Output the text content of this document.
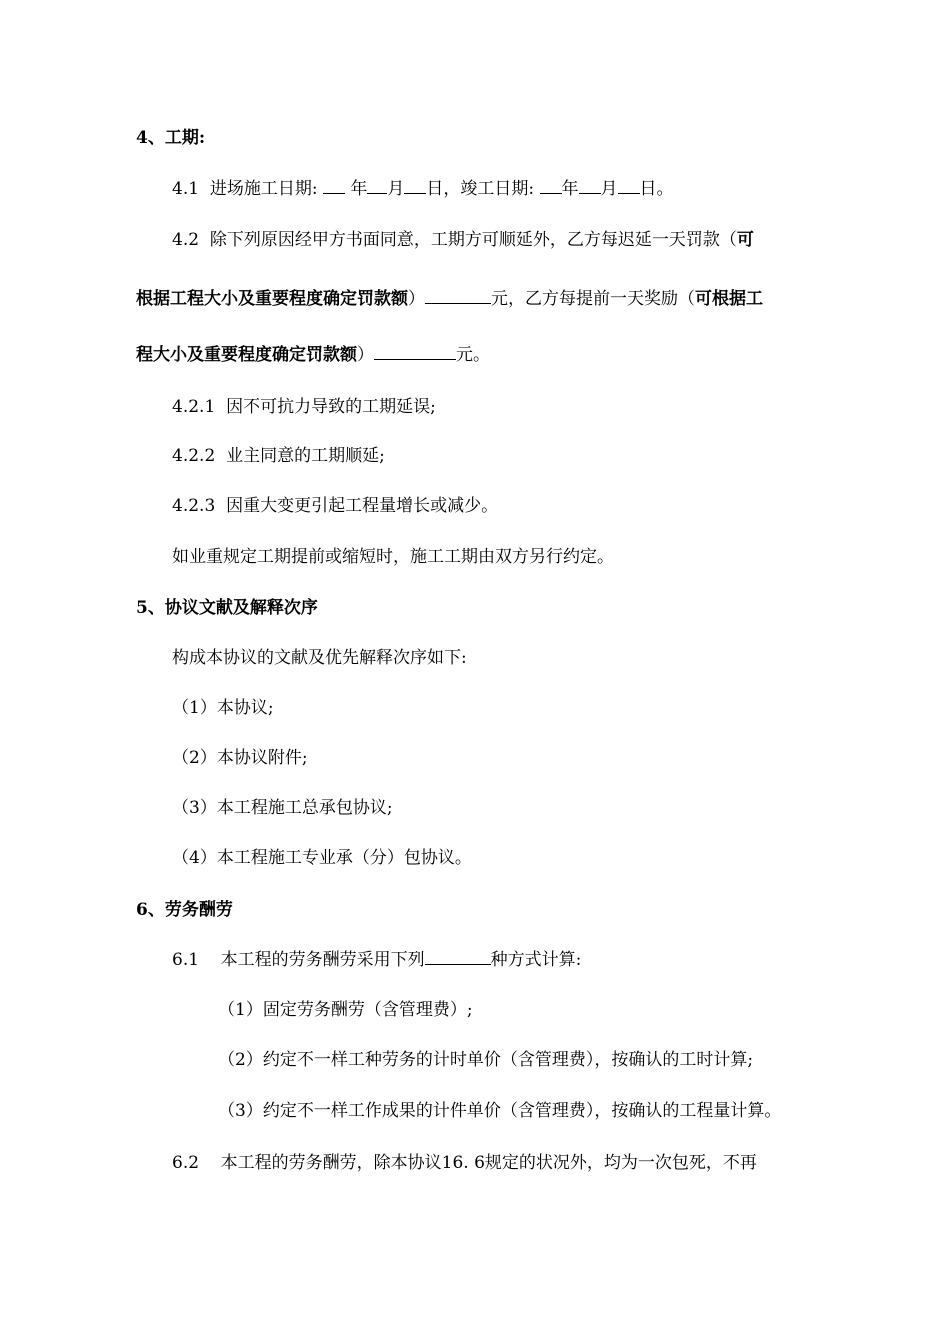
4、工期:
4.1 进场施工日期: 年 月 日，竣工日期: 年 月 日。
4.2 除下列原因经甲方书面同意，工期方可顺延外，乙方每迟延一天罚款（可
根据工程大小及重要程度确定罚款额）	元，乙方每提前一天奖励（可根据工
程大小及重要程度确定罚款额）	元。
4.2.1 因不可抗力导致的工期延误;
4.2.2 业主同意的工期顺延;
4.2.3 因重大变更引起工程量增长或减少。
如业重规定工期提前或缩短时，施工工期由双方另行约定。
5、协议文献及解释次序
构成本协议的文献及优先解释次序如下:
（1）本协议;
（2）本协议附件;
（3）本工程施工总承包协议;
（4）本工程施工专业承（分）包协议。
6、劳务酬劳
6.1 本工程的劳务酬劳采用下列	种方式计算:
（1）固定劳务酬劳（含管理费）;
（2）约定不一样工种劳务的计时单价（含管理费），按确认的工时计算;
（3）约定不一样工作成果的计件单价（含管理费），按确认的工程量计算。
6.2 本工程的劳务酬劳，除本协议16. 6规定的状况外，均为一次包死，不再
